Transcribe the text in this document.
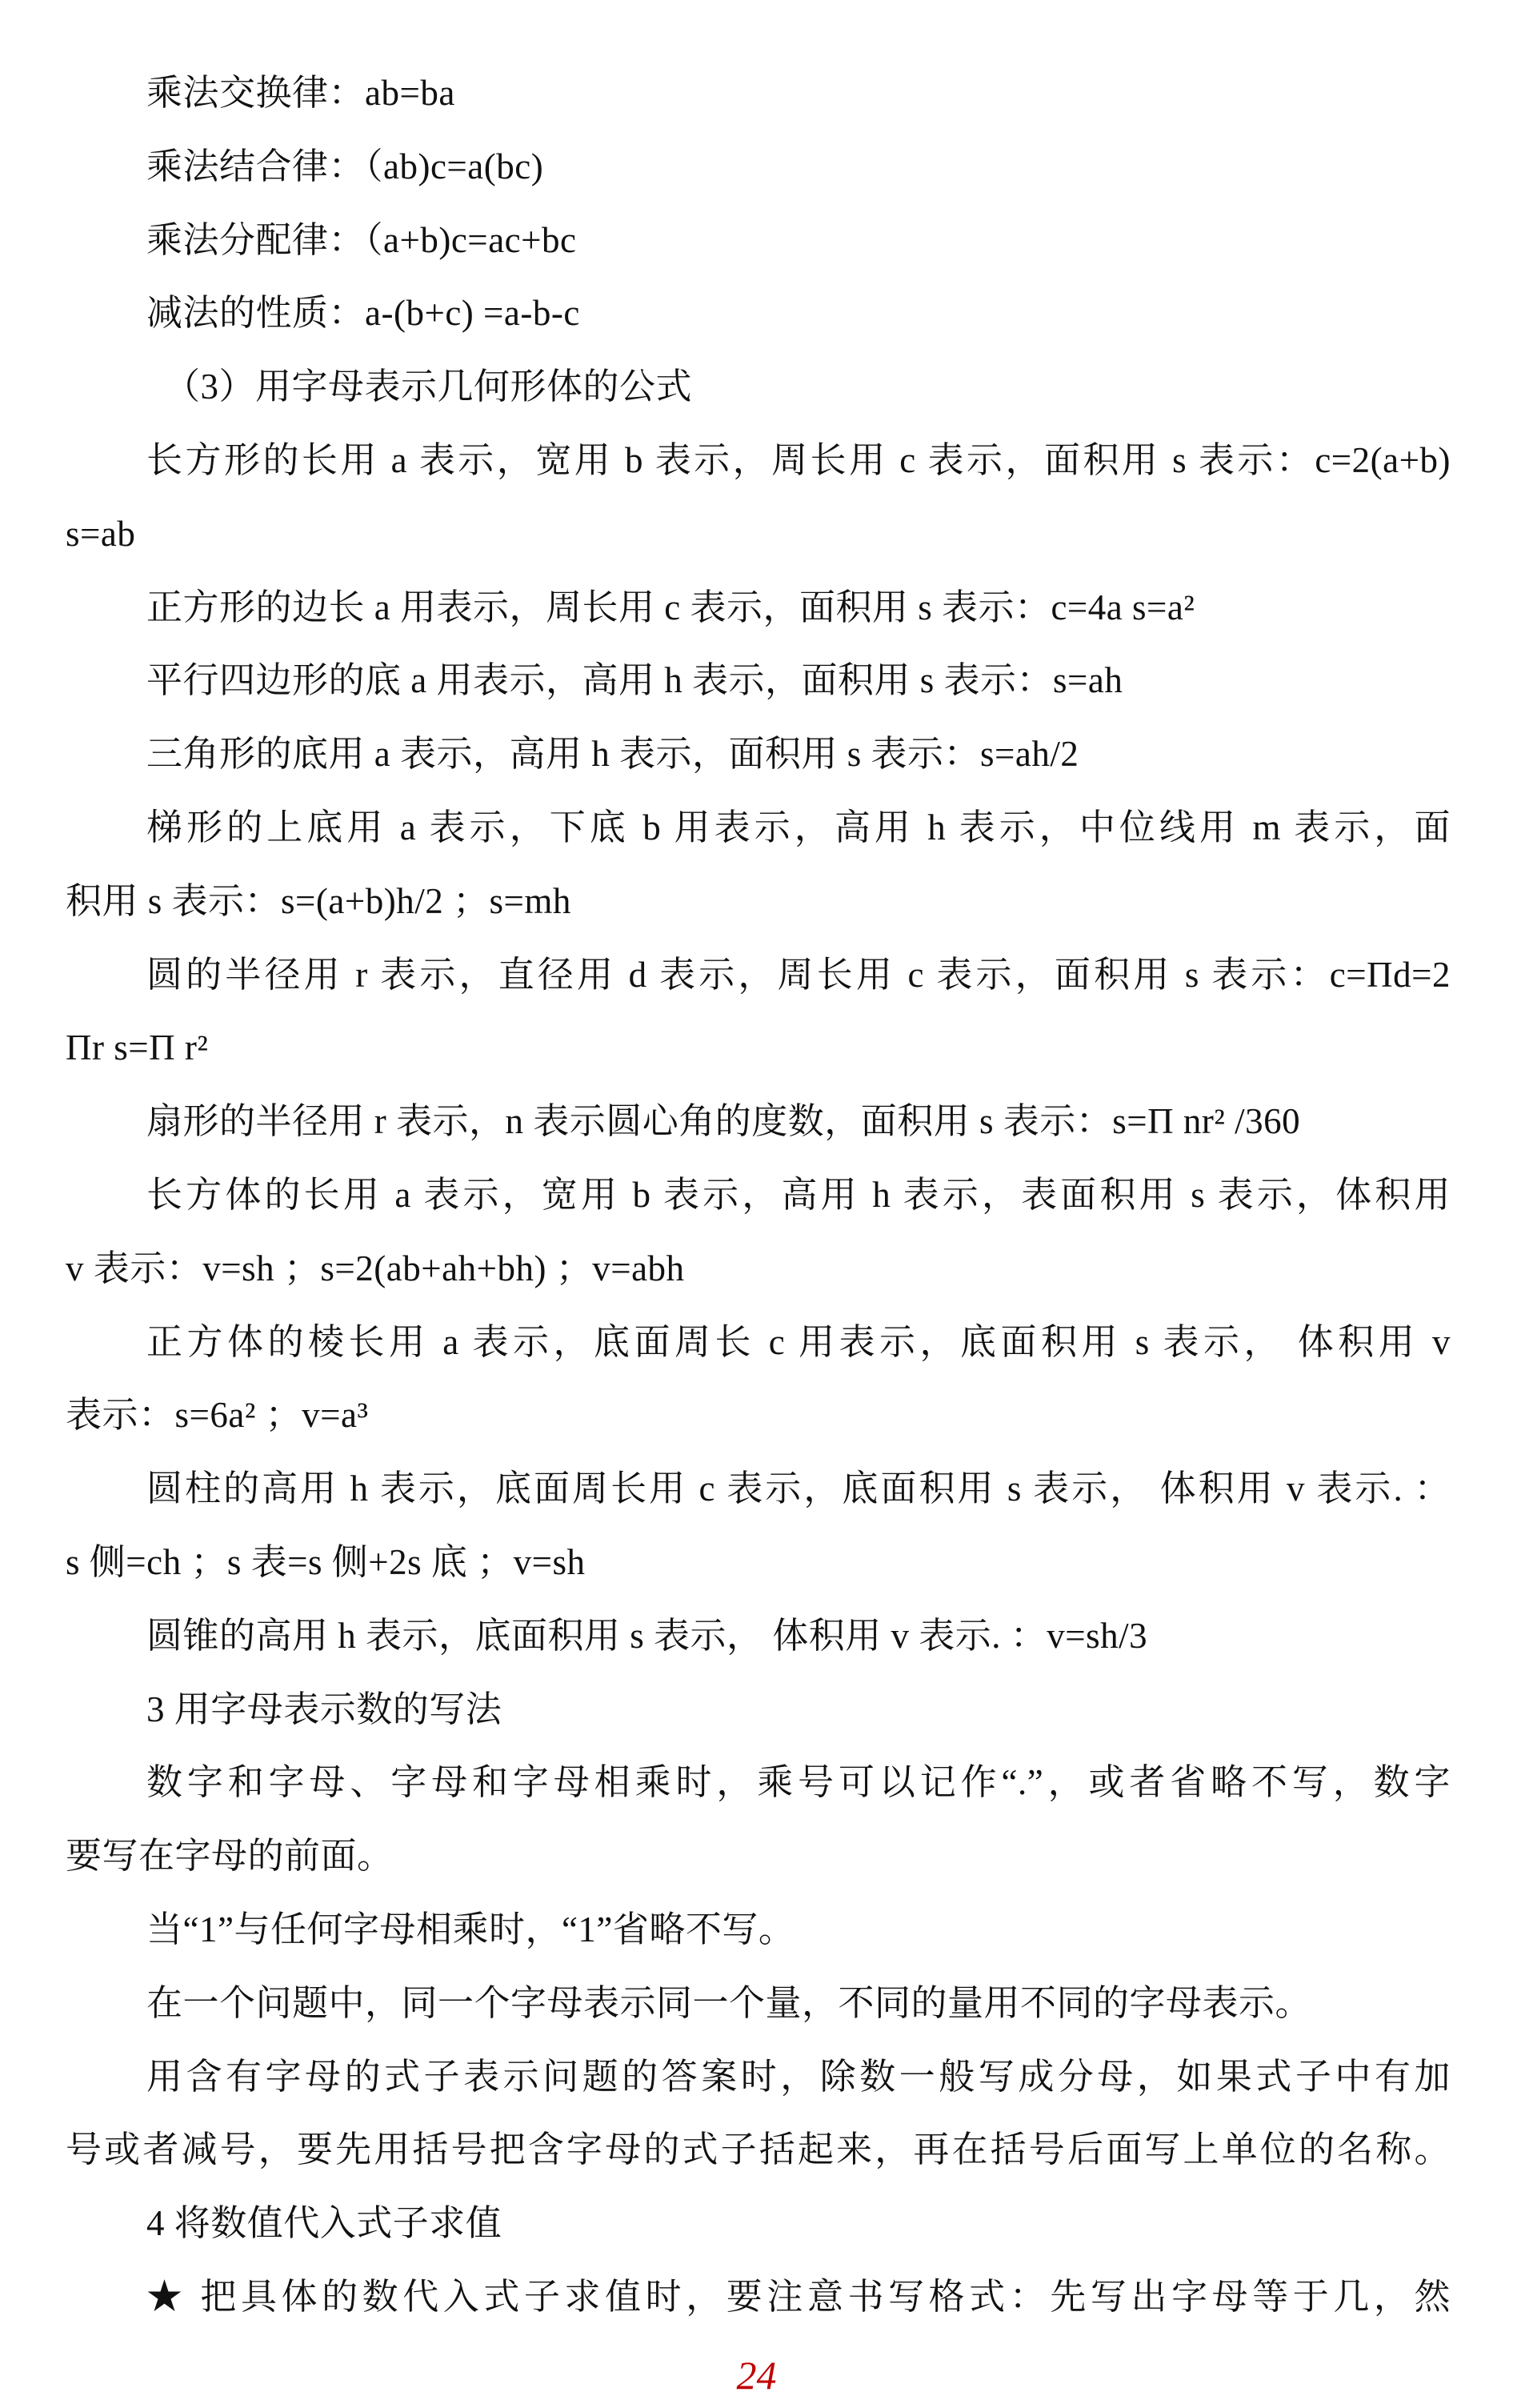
乘法交换律：ab=ba
乘法结合律：（ab)c=a(bc)
乘法分配律：（a+b)c=ac+bc
减法的性质：a-(b+c) =a-b-c
（3）用字母表示几何形体的公式
长方形的长用 a 表示，宽用 b 表示，周长用 c 表示，面积用 s 表示：c=2(a+b)
s=ab
正方形的边长 a 用表示，周长用 c 表示，面积用 s 表示：c=4a s=a²
平行四边形的底 a 用表示，高用 h 表示，面积用 s 表示：s=ah
三角形的底用 a 表示，高用 h 表示，面积用 s 表示：s=ah/2
梯形的上底用 a 表示，下底 b 用表示，高用 h 表示，中位线用 m 表示，面
积用 s 表示：s=(a+b)h/2 ；s=mh
圆的半径用 r 表示，直径用 d 表示，周长用 c 表示，面积用 s 表示：c=Πd=2
Πr s=Π r²
扇形的半径用 r 表示，n 表示圆心角的度数，面积用 s 表示：s=Π nr² /360
长方体的长用 a 表示，宽用 b 表示，高用 h 表示，表面积用 s 表示，体积用
v 表示：v=sh ；s=2(ab+ah+bh) ；v=abh
正方体的棱长用 a 表示，底面周长 c 用表示，底面积用 s 表示， 体积用 v
表示：s=6a² ；v=a³
圆柱的高用 h 表示，底面周长用 c 表示，底面积用 s 表示， 体积用 v 表示. ：
s 侧=ch ；s 表=s 侧+2s 底 ；v=sh
圆锥的高用 h 表示，底面积用 s 表示， 体积用 v 表示. ：v=sh/3
3 用字母表示数的写法
数字和字母、字母和字母相乘时，乘号可以记作“.”，或者省略不写，数字
要写在字母的前面。
当“1”与任何字母相乘时，“1”省略不写。
在一个问题中，同一个字母表示同一个量，不同的量用不同的字母表示。
用含有字母的式子表示问题的答案时，除数一般写成分母，如果式子中有加
号或者减号，要先用括号把含字母的式子括起来，再在括号后面写上单位的名称。
4 将数值代入式子求值
★ 把具体的数代入式子求值时，要注意书写格式：先写出字母等于几，然
24
